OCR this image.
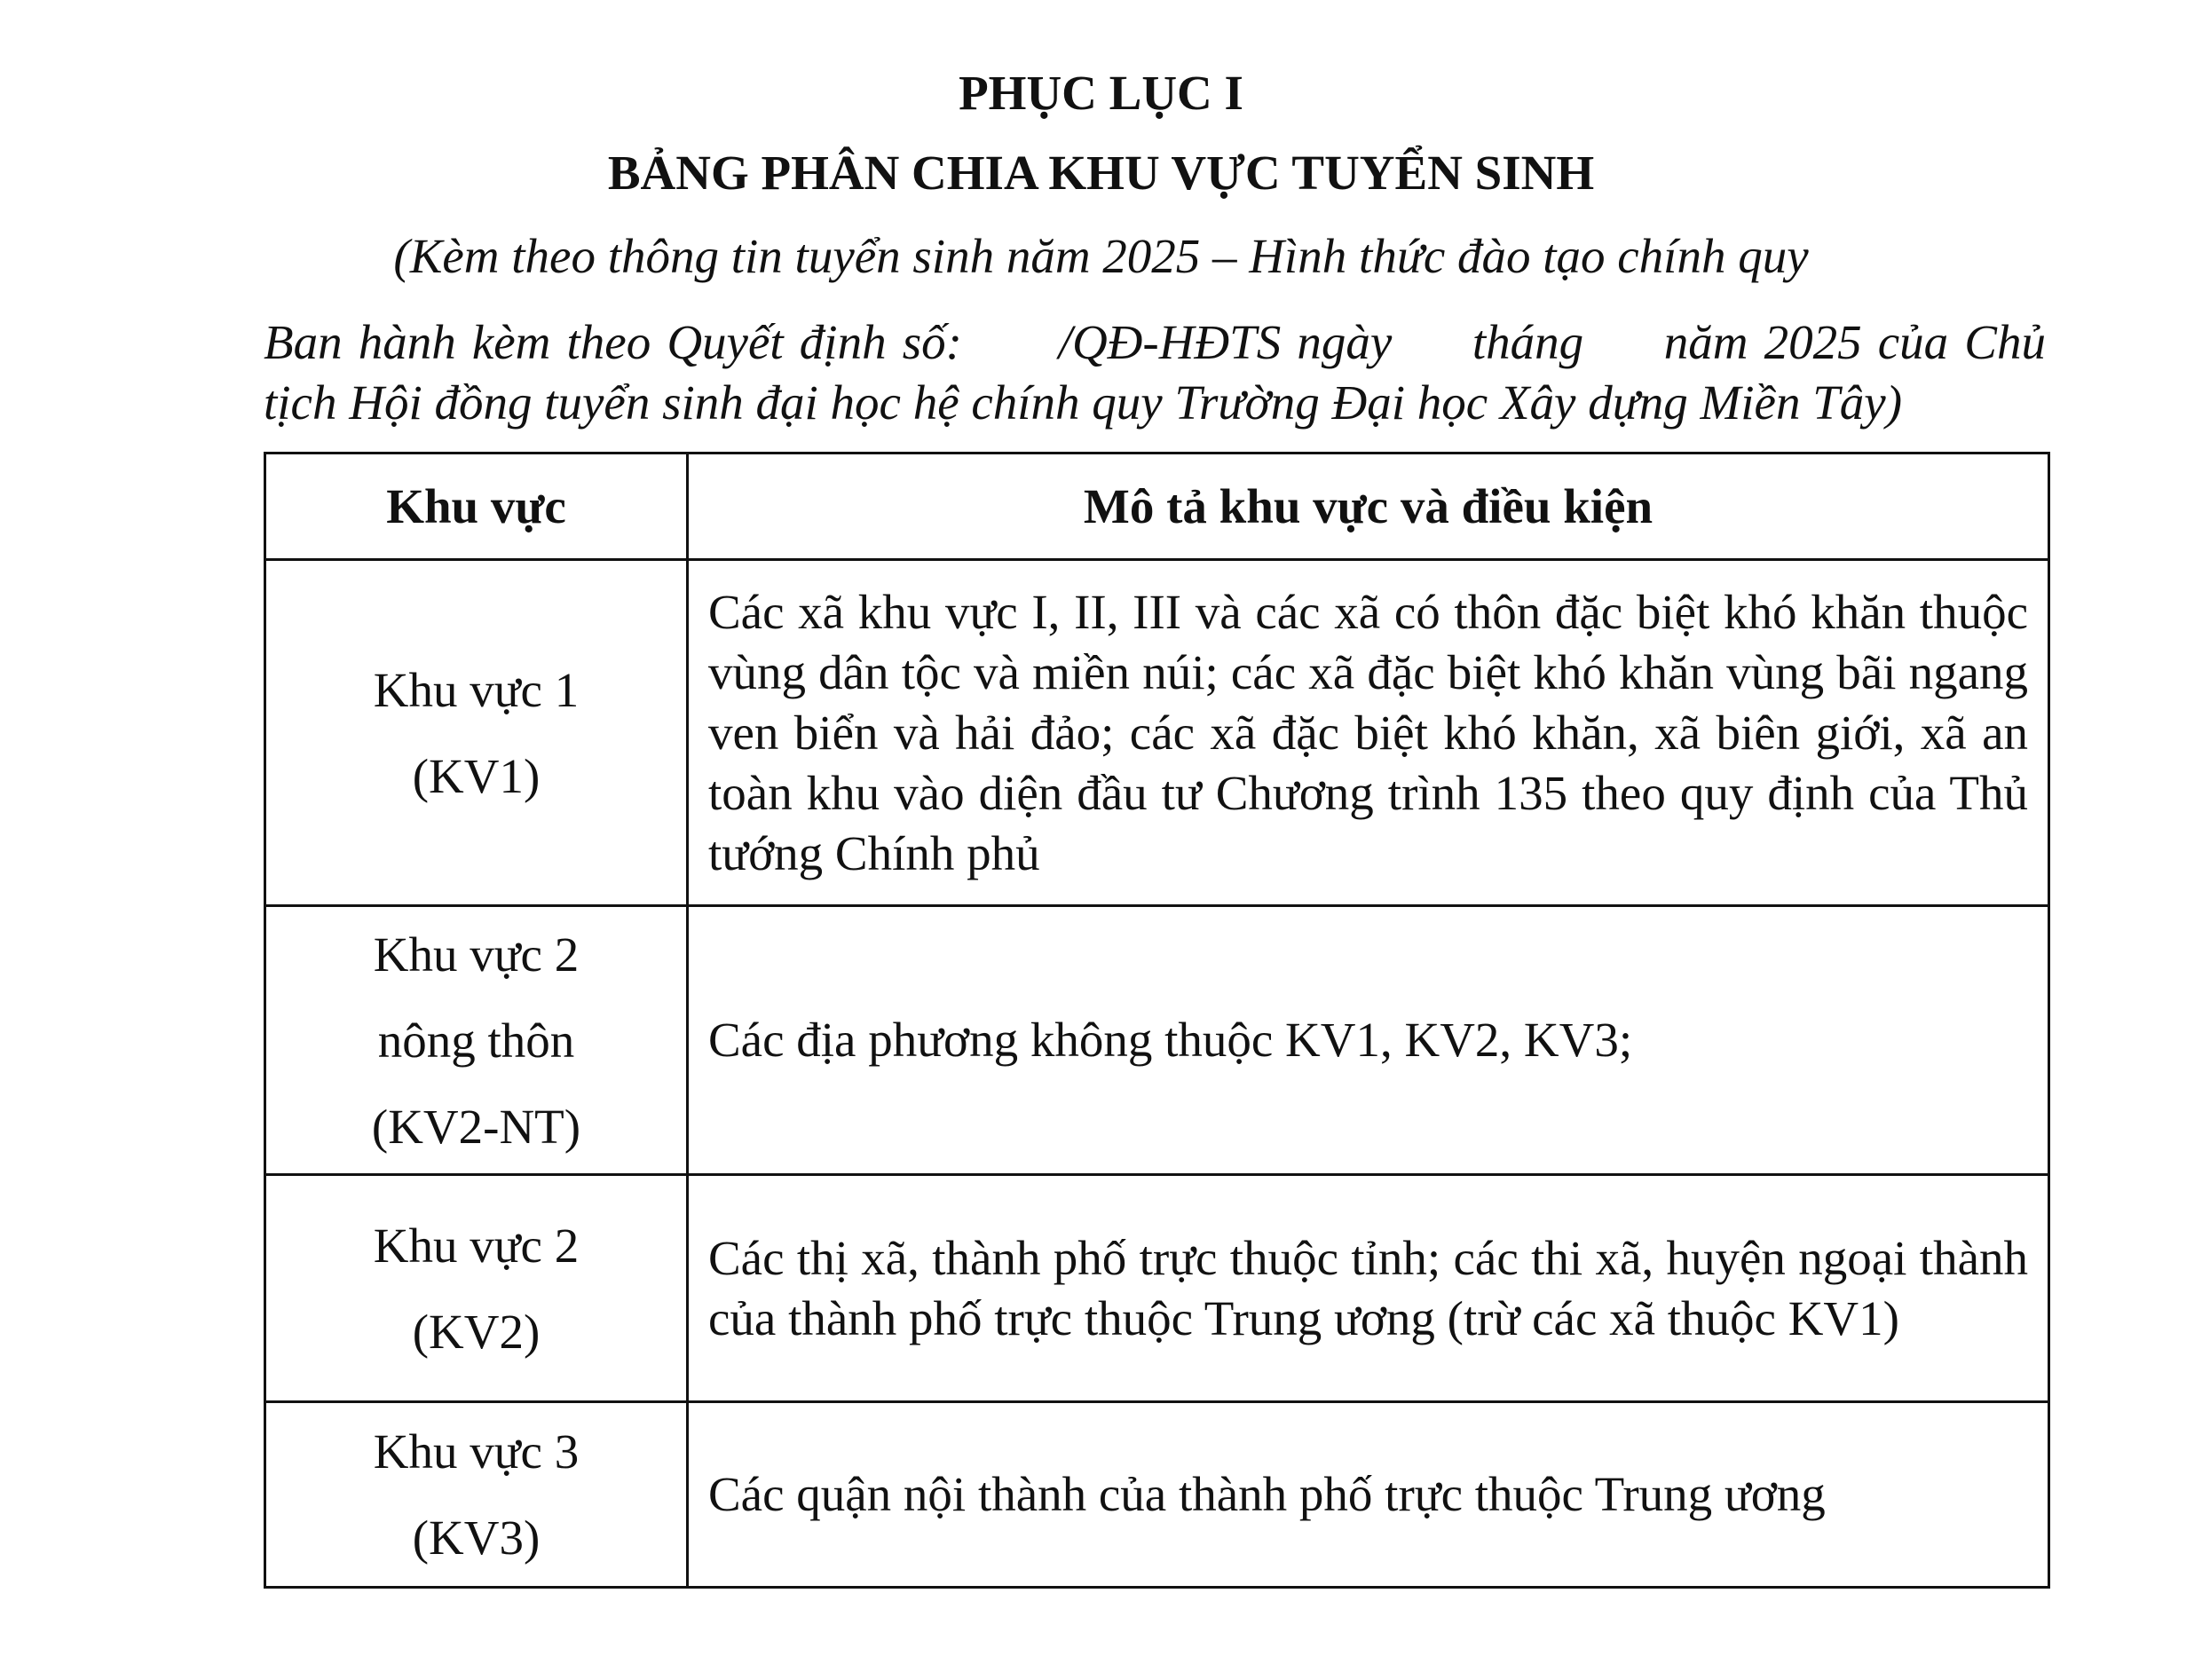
PHỤC LỤC I
BẢNG PHÂN CHIA KHU VỰC TUYỂN SINH
(Kèm theo thông tin tuyển sinh năm 2025 – Hình thức đào tạo chính quy
Ban hành kèm theo Quyết định số:      /QĐ-HĐTS ngày     tháng     năm 2025 của Chủ
tịch Hội đồng tuyển sinh đại học hệ chính quy Trường Đại học Xây dựng Miền Tây)
Khu vực	Mô tả khu vực và điều kiện

Khu vực 1
(KV1)	Các xã khu vực I, II, III và các xã có thôn đặc biệt khó khăn thuộc vùng dân tộc và miền núi; các xã đặc biệt khó khăn vùng bãi ngang ven biển và hải đảo; các xã đặc biệt khó khăn, xã biên giới, xã an toàn khu vào diện đầu tư Chương trình 135 theo quy định của Thủ tướng Chính phủ

Khu vực 2
nông thôn
(KV2-NT)	Các địa phương không thuộc KV1, KV2, KV3;

Khu vực 2
(KV2)	Các thị xã, thành phố trực thuộc tỉnh; các thi xã, huyện ngoại thành của thành phố trực thuộc Trung ương (trừ các xã thuộc KV1)

Khu vực 3
(KV3)	Các quận nội thành của thành phố trực thuộc Trung ương
